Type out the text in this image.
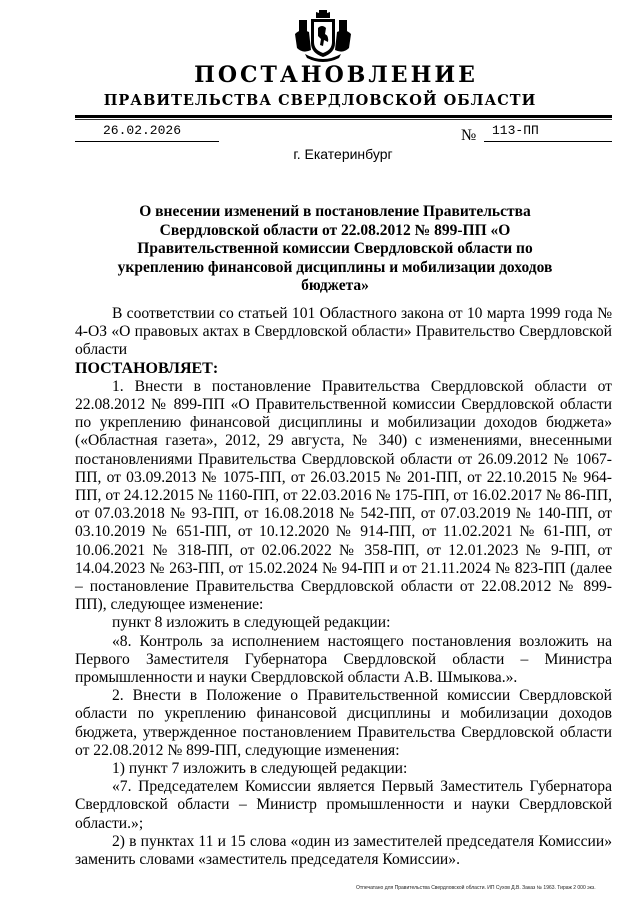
ПОСТАНОВЛЕНИЕ
ПРАВИТЕЛЬСТВА СВЕРДЛОВСКОЙ ОБЛАСТИ
26.02.2026	№	113-ПП
г. Екатеринбург
О внесении изменений в постановление Правительства Свердловской области от 22.08.2012 № 899-ПП «О Правительственной комиссии Свердловской области по укреплению финансовой дисциплины и мобилизации доходов бюджета»

В соответствии со статьей 101 Областного закона от 10 марта 1999 года № 4-ОЗ «О правовых актах в Свердловской области» Правительство Свердловской области

ПОСТАНОВЛЯЕТ:

1. Внести в постановление Правительства Свердловской области от 22.08.2012 № 899-ПП «О Правительственной комиссии Свердловской области по укреплению финансовой дисциплины и мобилизации доходов бюджета» («Областная газета», 2012, 29 августа, № 340) с изменениями, внесенными постановлениями Правительства Свердловской области от 26.09.2012 № 1067-ПП, от 03.09.2013 № 1075-ПП, от 26.03.2015 № 201-ПП, от 22.10.2015 № 964-ПП, от 24.12.2015 № 1160-ПП, от 22.03.2016 № 175-ПП, от 16.02.2017 № 86-ПП, от 07.03.2018 № 93-ПП, от 16.08.2018 № 542-ПП, от 07.03.2019 № 140-ПП, от 03.10.2019 № 651-ПП, от 10.12.2020 № 914-ПП, от 11.02.2021 № 61-ПП, от 10.06.2021 № 318-ПП, от 02.06.2022 № 358-ПП, от 12.01.2023 № 9-ПП, от 14.04.2023 № 263-ПП, от 15.02.2024 № 94-ПП и от 21.11.2024 № 823-ПП (далее – постановление Правительства Свердловской области от 22.08.2012 № 899-ПП), следующее изменение:

пункт 8 изложить в следующей редакции:

«8. Контроль за исполнением настоящего постановления возложить на Первого Заместителя Губернатора Свердловской области – Министра промышленности и науки Свердловской области А.В. Шмыкова.».

2. Внести в Положение о Правительственной комиссии Свердловской области по укреплению финансовой дисциплины и мобилизации доходов бюджета, утвержденное постановлением Правительства Свердловской области от 22.08.2012 № 899-ПП, следующие изменения:

1) пункт 7 изложить в следующей редакции:

«7. Председателем Комиссии является Первый Заместитель Губернатора Свердловской области – Министр промышленности и науки Свердловской области.»;

2) в пунктах 11 и 15 слова «один из заместителей председателя Комиссии» заменить словами «заместитель председателя Комиссии».

Отпечатано для Правительства Свердловской области. ИП Сухов Д.В. Заказ № 1963. Тираж 2 000 экз.
